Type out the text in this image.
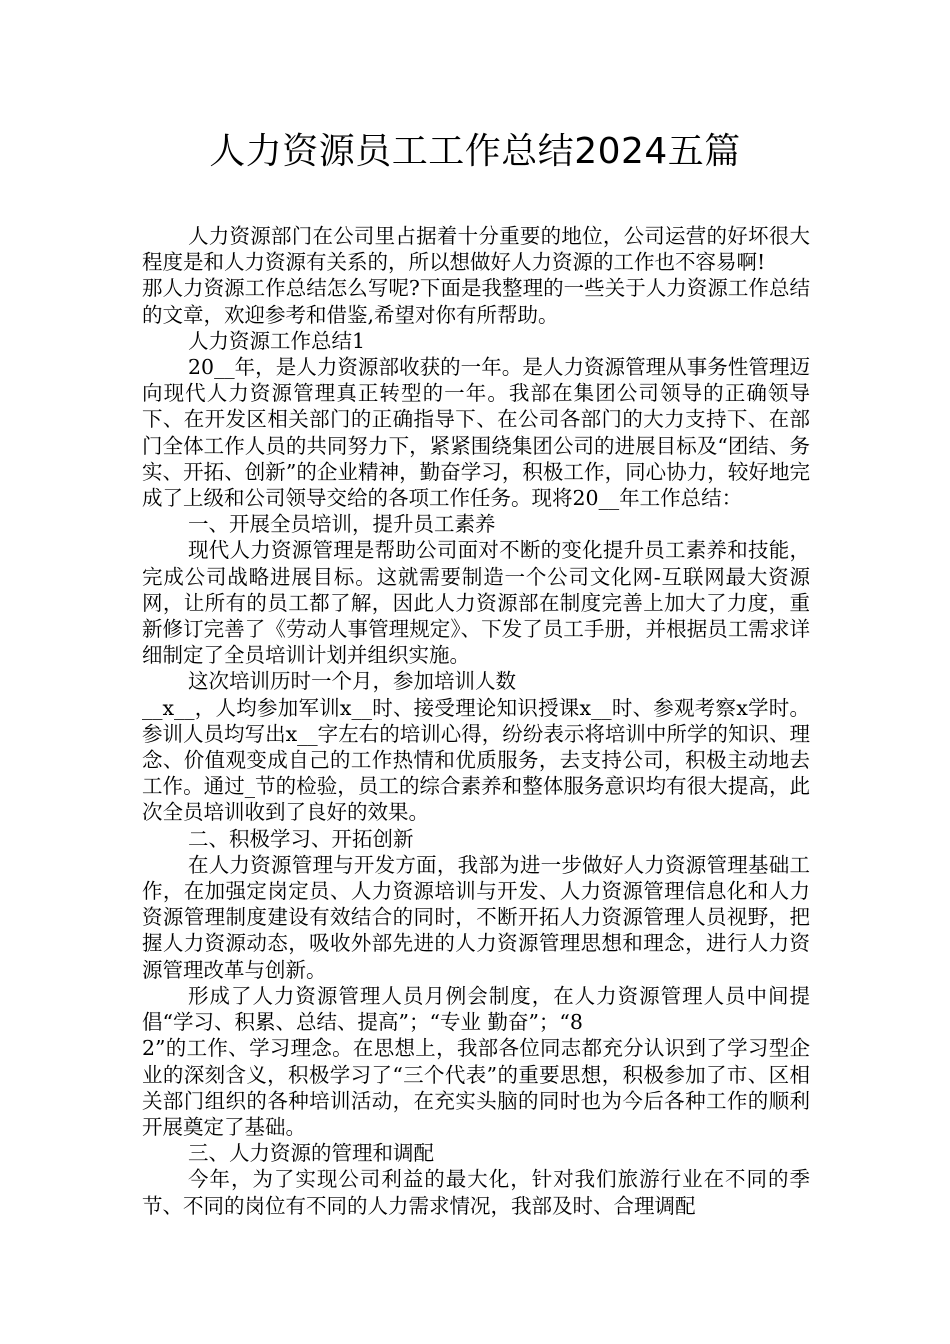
人力资源员工工作总结2024五篇

人力资源部门在公司里占据着十分重要的地位，公司运营的好坏很大程度是和人力资源有关系的，所以想做好人力资源的工作也不容易啊!

那人力资源工作总结怎么写呢?下面是我整理的一些关于人力资源工作总结的文章，欢迎参考和借鉴,希望对你有所帮助。

人力资源工作总结1

20__年，是人力资源部收获的一年。是人力资源管理从事务性管理迈向现代人力资源管理真正转型的一年。我部在集团公司领导的正确领导下、在开发区相关部门的正确指导下、在公司各部门的大力支持下、在部门全体工作人员的共同努力下，紧紧围绕集团公司的进展目标及“团结、务实、开拓、创新”的企业精神，勤奋学习，积极工作，同心协力，较好地完成了上级和公司领导交给的各项工作任务。现将20__年工作总结：

一、开展全员培训，提升员工素养

现代人力资源管理是帮助公司面对不断的变化提升员工素养和技能，完成公司战略进展目标。这就需要制造一个公司文化网-互联网最大资源网，让所有的员工都了解，因此人力资源部在制度完善上加大了力度，重新修订完善了《劳动人事管理规定》、下发了员工手册，并根据员工需求详细制定了全员培训计划并组织实施。

这次培训历时一个月，参加培训人数

__x__，人均参加军训x__时、接受理论知识授课x__时、参观考察x学时。参训人员均写出x__字左右的培训心得，纷纷表示将培训中所学的知识、理念、价值观变成自己的工作热情和优质服务，去支持公司，积极主动地去工作。通过_节的检验，员工的综合素养和整体服务意识均有很大提高，此次全员培训收到了良好的效果。

二、积极学习、开拓创新

在人力资源管理与开发方面，我部为进一步做好人力资源管理基础工作，在加强定岗定员、人力资源培训与开发、人力资源管理信息化和人力资源管理制度建设有效结合的同时，不断开拓人力资源管理人员视野，把握人力资源动态，吸收外部先进的人力资源管理思想和理念，进行人力资源管理改革与创新。

形成了人力资源管理人员月例会制度，在人力资源管理人员中间提倡“学习、积累、总结、提高”；“专业 勤奋”；“8

2”的工作、学习理念。在思想上，我部各位同志都充分认识到了学习型企业的深刻含义，积极学习了“三个代表”的重要思想，积极参加了市、区相关部门组织的各种培训活动，在充实头脑的同时也为今后各种工作的顺利开展奠定了基础。

三、人力资源的管理和调配

今年，为了实现公司利益的最大化，针对我们旅游行业在不同的季节、不同的岗位有不同的人力需求情况，我部及时、合理调配
